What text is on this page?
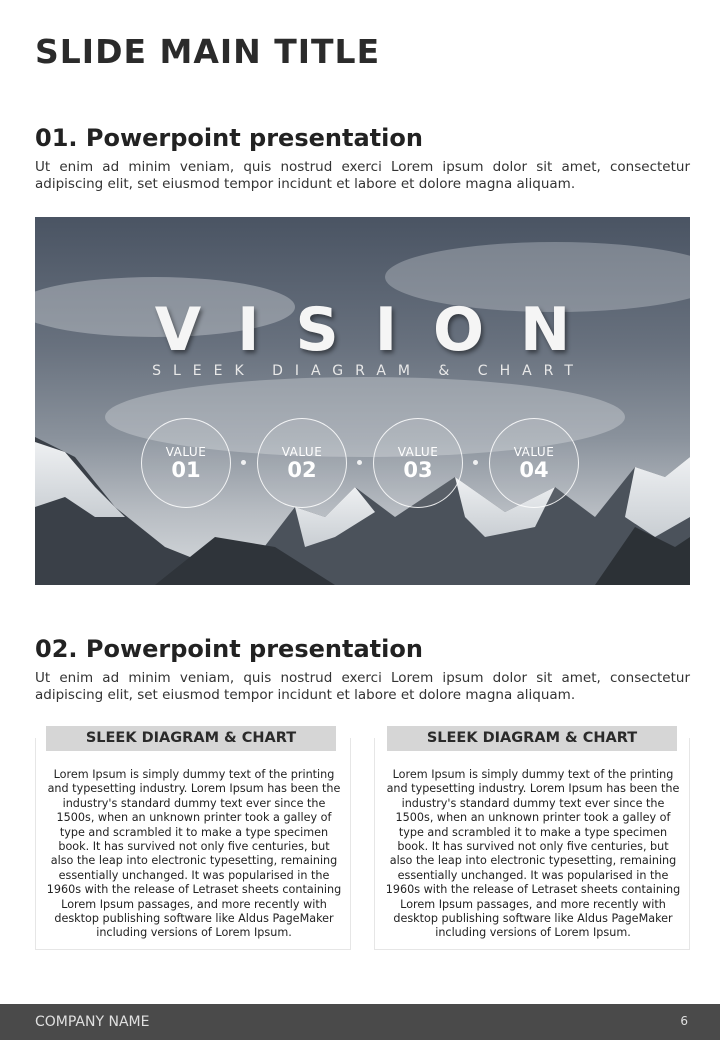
SLIDE MAIN TITLE
01. Powerpoint presentation

Ut enim ad minim veniam, quis nostrud exerci Lorem ipsum dolor sit amet, consectetur adipiscing elit, set eiusmod tempor incidunt et labore et dolore magna aliquam.

VISION
SLEEK DIAGRAM & CHART
VALUE
01
VALUE
02
VALUE
03
VALUE
04
02. Powerpoint presentation

Ut enim ad minim veniam, quis nostrud exerci Lorem ipsum dolor sit amet, consectetur adipiscing elit, set eiusmod tempor incidunt et labore et dolore magna aliquam.

Lorem Ipsum is simply dummy text of the printing and typesetting industry. Lorem Ipsum has been the industry's standard dummy text ever since the 1500s, when an unknown printer took a galley of type and scrambled it to make a type specimen book. It has survived not only five centuries, but also the leap into electronic typesetting, remaining essentially unchanged. It was popularised in the 1960s with the release of Letraset sheets containing Lorem Ipsum passages, and more recently with desktop publishing software like Aldus PageMaker including versions of Lorem Ipsum.

SLEEK DIAGRAM & CHART

Lorem Ipsum is simply dummy text of the printing and typesetting industry. Lorem Ipsum has been the industry's standard dummy text ever since the 1500s, when an unknown printer took a galley of type and scrambled it to make a type specimen book. It has survived not only five centuries, but also the leap into electronic typesetting, remaining essentially unchanged. It was popularised in the 1960s with the release of Letraset sheets containing Lorem Ipsum passages, and more recently with desktop publishing software like Aldus PageMaker including versions of Lorem Ipsum.

SLEEK DIAGRAM & CHART
COMPANY NAME	6
